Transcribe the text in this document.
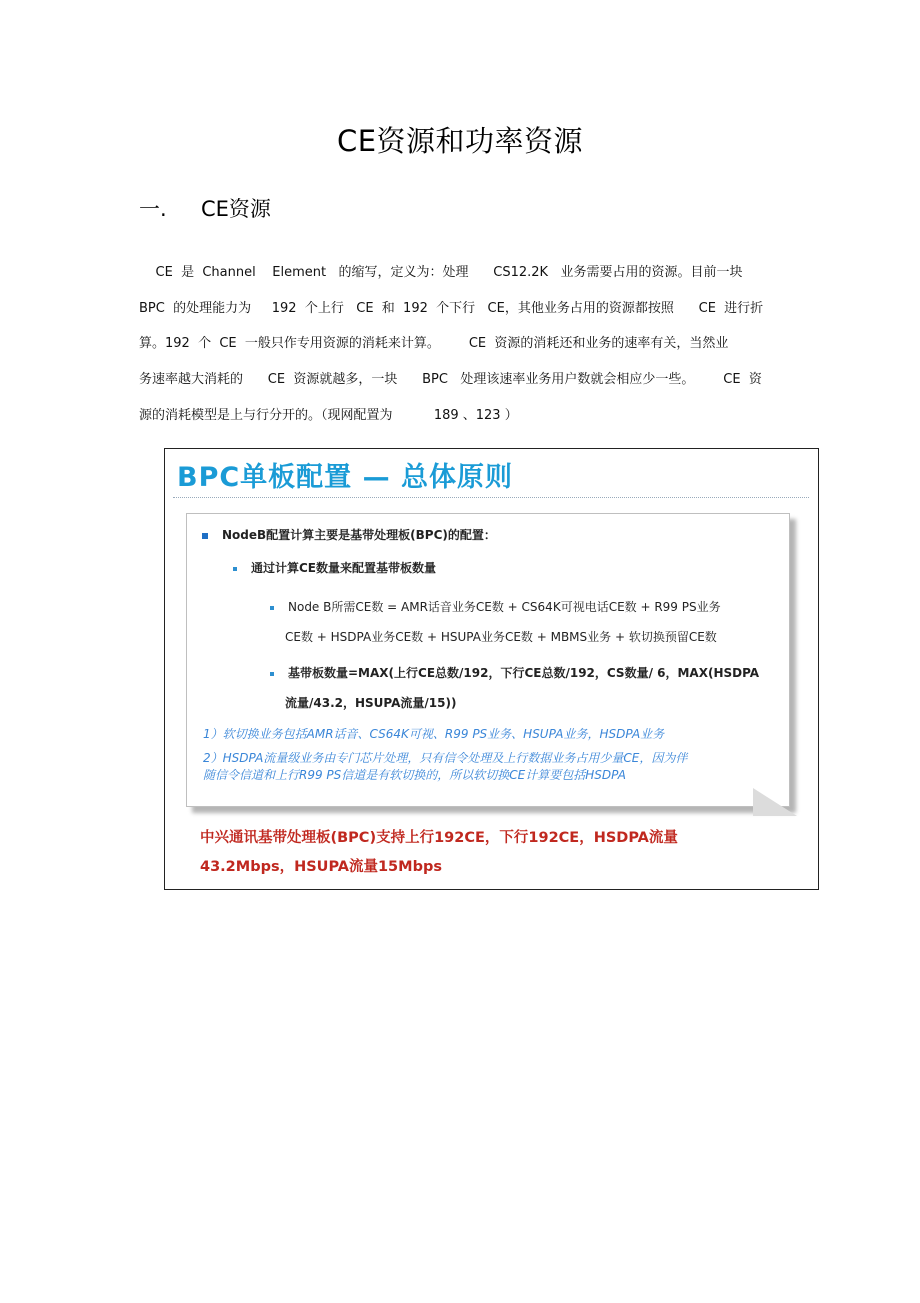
CE资源和功率资源
一. CE资源
CE  是  Channel    Element   的缩写，定义为：处理      CS12.2K   业务需要占用的资源。目前一块
BPC  的处理能力为     192  个上行   CE  和  192  个下行   CE，其他业务占用的资源都按照      CE  进行折
算。192  个  CE  一般只作专用资源的消耗来计算。       CE  资源的消耗还和业务的速率有关，当然业
务速率越大消耗的      CE  资源就越多，一块      BPC   处理该速率业务用户数就会相应少一些。       CE  资
源的消耗模型是上与行分开的。（现网配置为          189 、123 ）
BPC单板配置 — 总体原则
NodeB配置计算主要是基带处理板(BPC)的配置：
通过计算CE数量来配置基带板数量
Node B所需CE数 = AMR话音业务CE数 + CS64K可视电话CE数 + R99 PS业务
CE数 + HSDPA业务CE数 + HSUPA业务CE数 + MBMS业务 + 软切换预留CE数
基带板数量=MAX(上行CE总数/192，下行CE总数/192，CS数量/ 6，MAX(HSDPA
流量/43.2，HSUPA流量/15))
1）软切换业务包括AMR话音、CS64K可视、R99 PS业务、HSUPA业务，HSDPA业务
2）HSDPA流量级业务由专门芯片处理，只有信令处理及上行数据业务占用少量CE，因为伴
随信令信道和上行R99 PS信道是有软切换的，所以软切换CE计算要包括HSDPA
中兴通讯基带处理板(BPC)支持上行192CE，下行192CE，HSDPA流量
43.2Mbps，HSUPA流量15Mbps
